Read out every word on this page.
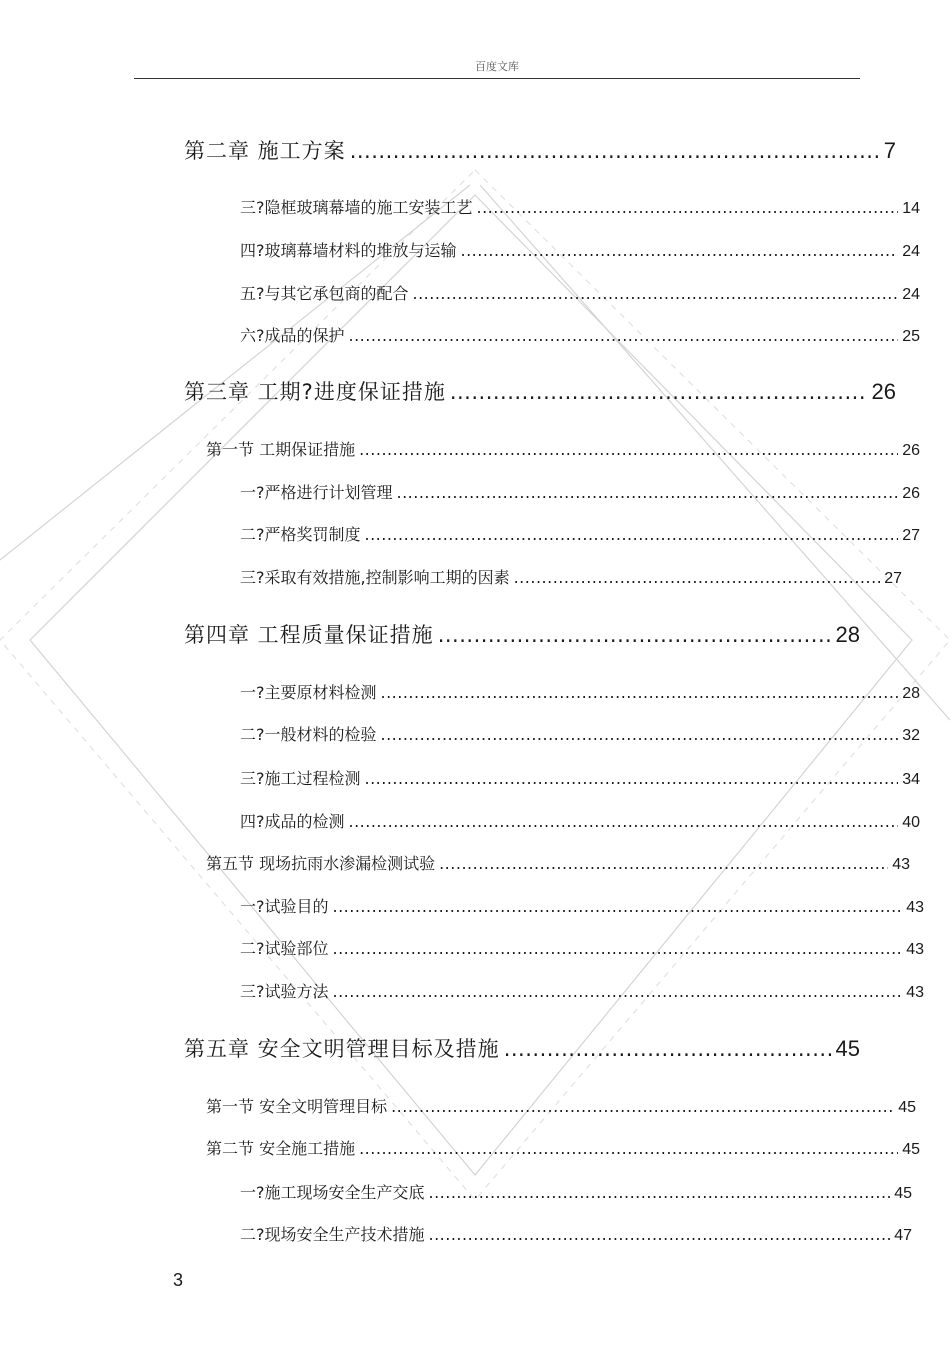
百度文库
第二章 施工方案 .....	7
三?隐框玻璃幕墙的施工安装工艺 .....	14
四?玻璃幕墙材料的堆放与运输 .....	24
五?与其它承包商的配合 .....	24
六?成品的保护 .....	25
第三章 工期?进度保证措施 .....	26
第一节 工期保证措施 .....	26
一?严格进行计划管理 .....	26
二?严格奖罚制度 .....	27
三?采取有效措施,控制影响工期的因素 .....	27
第四章 工程质量保证措施 .....	28
一?主要原材料检测 .....	28
二?一般材料的检验 .....	32
三?施工过程检测 .....	34
四?成品的检测 .....	40
第五节 现场抗雨水渗漏检测试验 .....	43
一?试验目的 .....	43
二?试验部位 .....	43
三?试验方法 .....	43
第五章 安全文明管理目标及措施 .....	45
第一节 安全文明管理目标 .....	45
第二节 安全施工措施 .....	45
一?施工现场安全生产交底 .....	45
二?现场安全生产技术措施 .....	47
3
